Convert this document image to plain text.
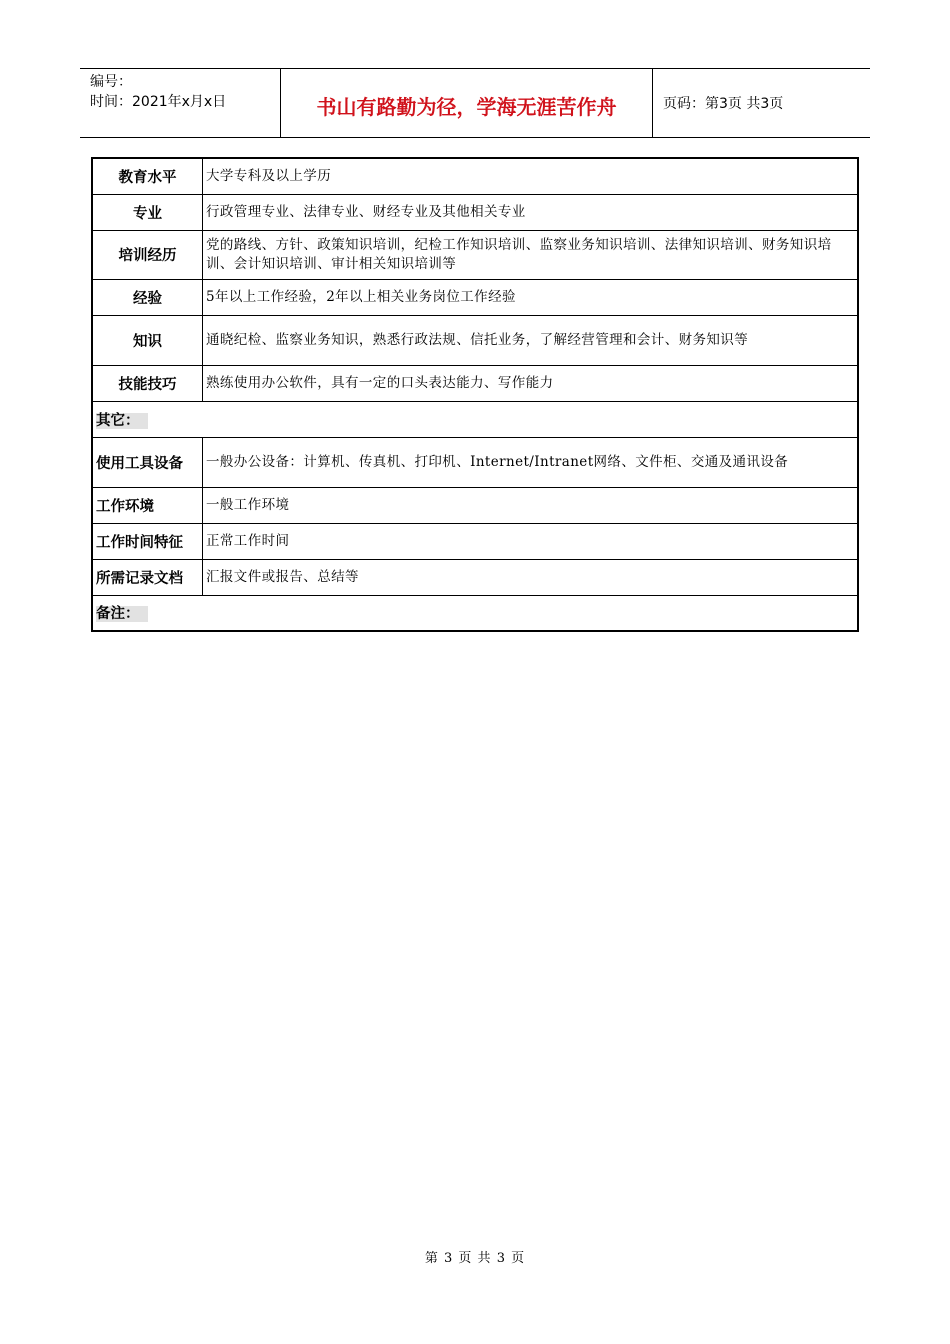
编号：
时间：2021年x月x日	书山有路勤为径，学海无涯苦作舟	页码：第3页 共3页
教育水平	大学专科及以上学历
专业	行政管理专业、法律专业、财经专业及其他相关专业
培训经历	党的路线、方针、政策知识培训，纪检工作知识培训、监察业务知识培训、法律知识培训、财务知识培训、会计知识培训、审计相关知识培训等
经验	5年以上工作经验，2年以上相关业务岗位工作经验
知识	通晓纪检、监察业务知识，熟悉行政法规、信托业务，了解经营管理和会计、财务知识等
技能技巧	熟练使用办公软件，具有一定的口头表达能力、写作能力
其它：	
使用工具设备	一般办公设备：计算机、传真机、打印机、Internet/Intranet网络、文件柜、交通及通讯设备
工作环境	一般工作环境
工作时间特征	正常工作时间
所需记录文档	汇报文件或报告、总结等
备注：	
第 3 页 共 3 页
